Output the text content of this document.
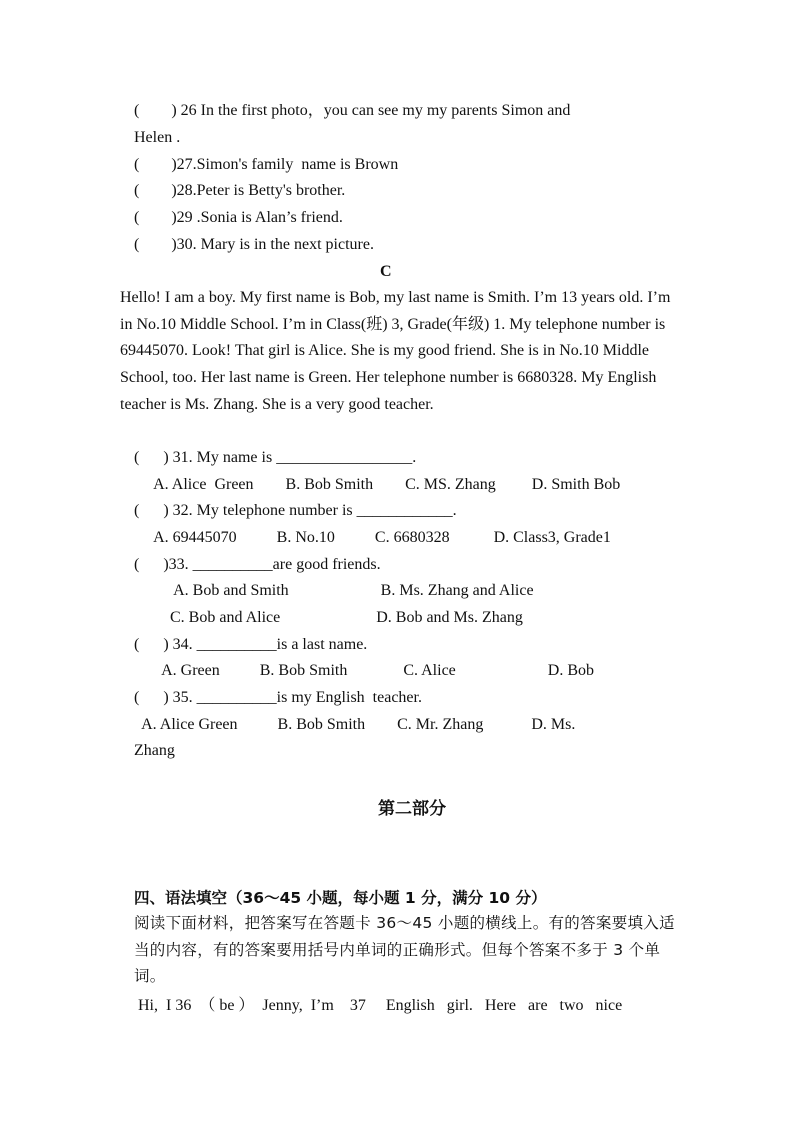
(        ) 26 In the first photo，you can see my my parents Simon and
Helen .
(        )27.Simon's family  name is Brown
(        )28.Peter is Betty's brother.
(        )29 .Sonia is Alan’s friend.
(        )30. Mary is in the next picture.
C

Hello! I am a boy. My first name is Bob, my last name is Smith. I’m 13 years old. I’m in No.10 Middle School. I’m in Class(班) 3, Grade(年级) 1. My telephone number is 69445070. Look! That girl is Alice. She is my good friend. She is in No.10 Middle School, too. Her last name is Green. Her telephone number is 6680328. My English teacher is Ms. Zhang. She is a very good teacher.

(      ) 31. My name is _________________.
A. Alice  Green        B. Bob Smith        C. MS. Zhang         D. Smith Bob
(      ) 32. My telephone number is ____________.
A. 69445070          B. No.10          C. 6680328           D. Class3, Grade1
(      )33. __________are good friends.
A. Bob and Smith                       B. Ms. Zhang and Alice
C. Bob and Alice                        D. Bob and Ms. Zhang
(      ) 34. __________is a last name.
A. Green          B. Bob Smith              C. Alice                       D. Bob
(      ) 35. __________is my English  teacher.
A. Alice Green          B. Bob Smith        C. Mr. Zhang            D. Ms.
Zhang
第二部分
四、语法填空（36～45 小题，每小题 1 分，满分 10 分）

阅读下面材料，把答案写在答题卡 36～45 小题的横线上。有的答案要填入适当的内容，有的答案要用括号内单词的正确形式。但每个答案不多于 3 个单词。

Hi,  I 36  （ be ）  Jenny,  I’m    37     English   girl.   Here   are   two   nice
